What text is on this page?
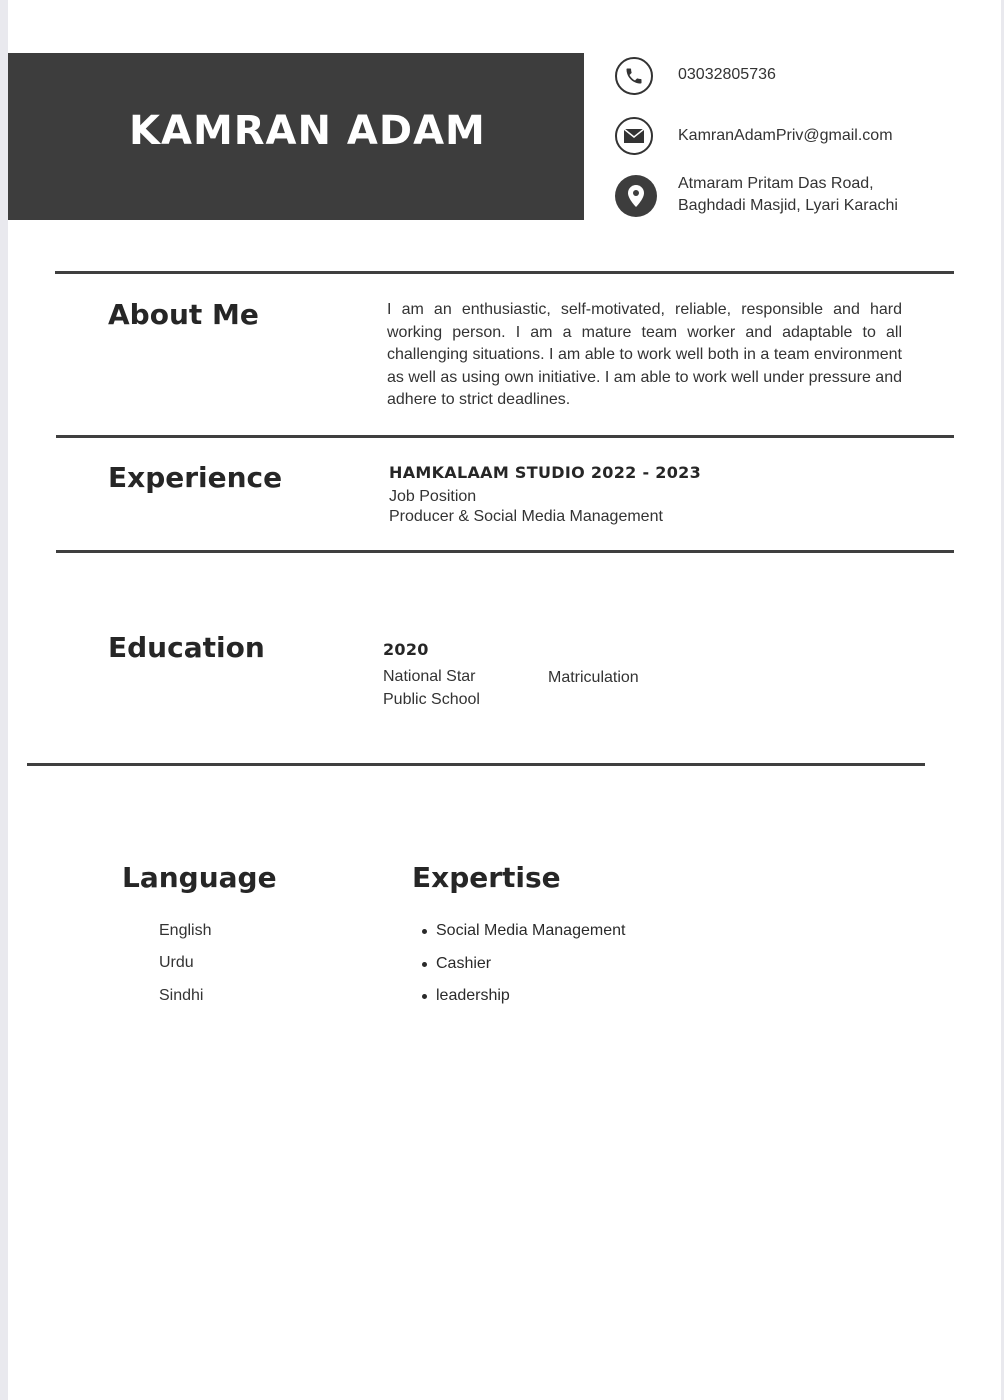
KAMRAN ADAM
03032805736
KamranAdamPriv@gmail.com
Atmaram Pritam Das Road,
Baghdadi Masjid, Lyari Karachi
About Me	I am an enthusiastic, self-motivated, reliable, responsible and hard working person. I am a mature team worker and adaptable to all challenging situations. I am able to work well both in a team environment as well as using own initiative. I am able to work well under pressure and adhere to strict deadlines.
Experience	HAMKALAAM STUDIO 2022 - 2023
Job Position
Producer & Social Media Management
Education	2020
National Star
Public School
Matriculation
Language
English
Urdu
Sindhi
Expertise
Social Media Management
Cashier
leadership
